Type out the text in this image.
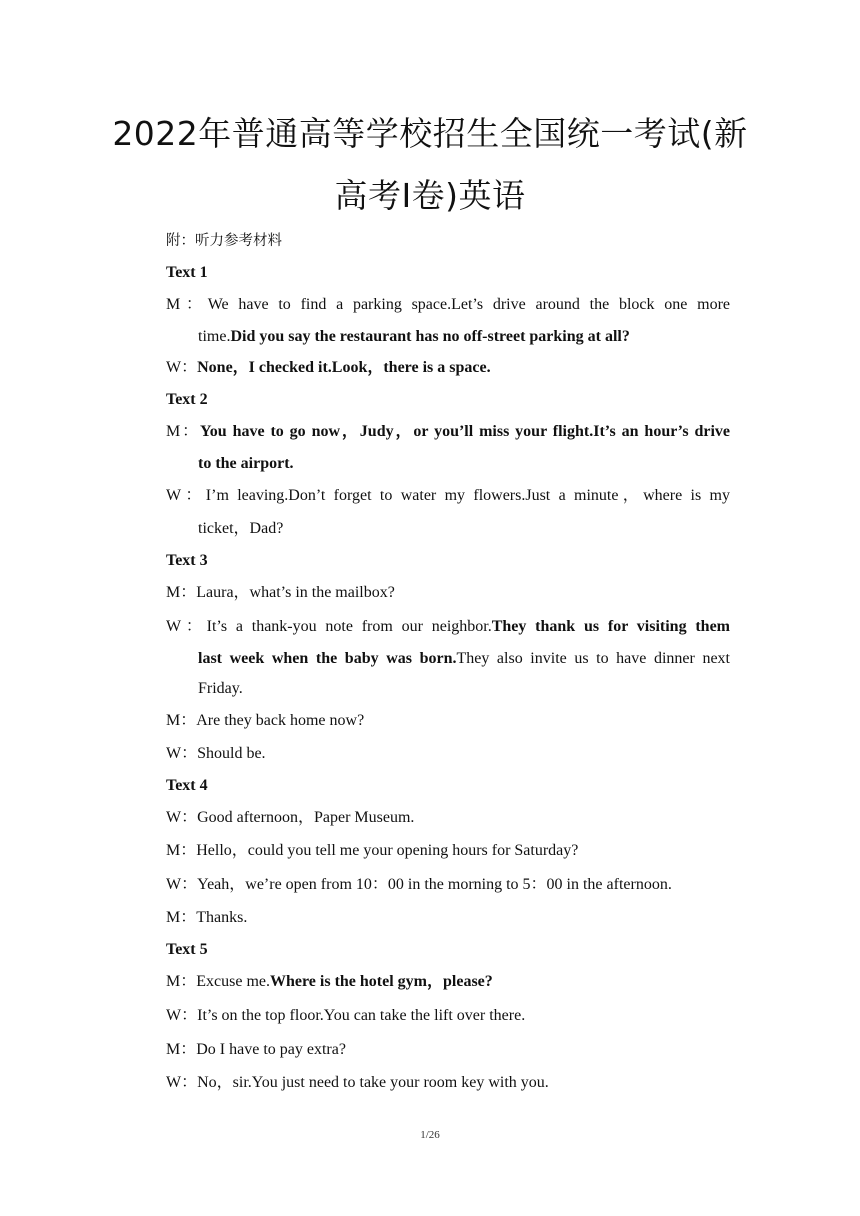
2022年普通高等学校招生全国统一考试(新
高考Ⅰ卷)英语
附：听力参考材料
Text 1
M：We have to find a parking space.Let’s drive around the block one more
time.Did you say the restaurant has no off-street parking at all?
W：None，I checked it.Look，there is a space.
Text 2
M：You have to go now，Judy，or you’ll miss your flight.It’s an hour’s drive
to the airport.
W：I’m leaving.Don’t forget to water my flowers.Just a minute，where is my
ticket，Dad?
Text 3
M：Laura，what’s in the mailbox?
W：It’s a thank-you note from our neighbor.They thank us for visiting them
last week when the baby was born.They also invite us to have dinner next
Friday.
M：Are they back home now?
W：Should be.
Text 4
W：Good afternoon，Paper Museum.
M：Hello，could you tell me your opening hours for Saturday?
W：Yeah，we’re open from 10：00 in the morning to 5：00 in the afternoon.
M：Thanks.
Text 5
M：Excuse me.Where is the hotel gym，please?
W：It’s on the top floor.You can take the lift over there.
M：Do I have to pay extra?
W：No，sir.You just need to take your room key with you.
1/26
